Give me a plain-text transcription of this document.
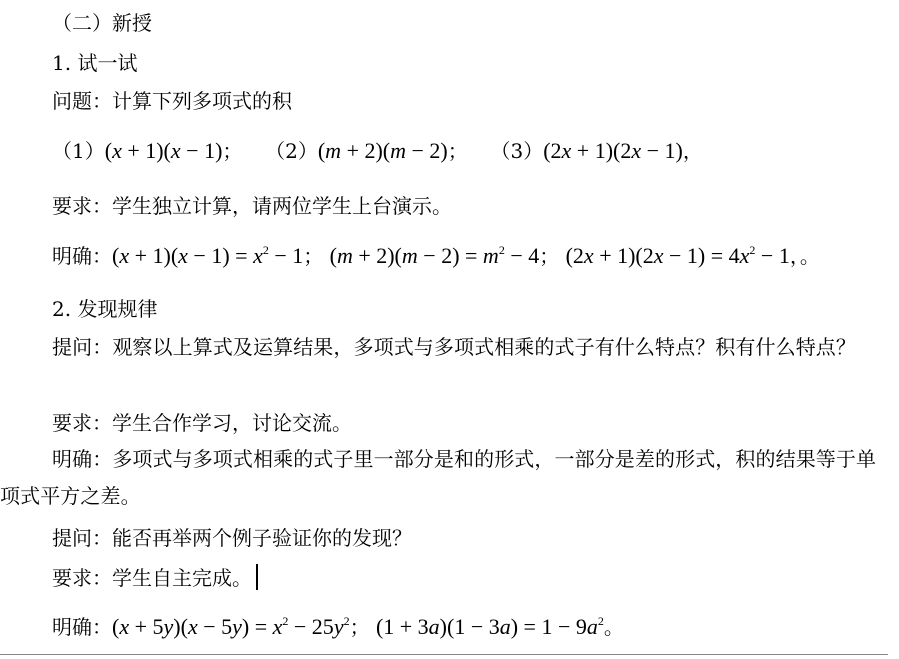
（二）新授
1. 试一试
问题：计算下列多项式的积
（1）(x + 1)(x − 1)； （2）(m + 2)(m − 2)； （3）(2x + 1)(2x − 1)，
要求：学生独立计算，请两位学生上台演示。
明确：$(x + 1)(x - 1) = x^2 - 1$； $(m + 2)(m - 2) = m^2 - 4$； $(2x + 1)(2x - 1) = 4x^2 - 1$，。
2. 发现规律
提问：观察以上算式及运算结果，多项式与多项式相乘的式子有什么特点？积有什么特点？
要求：学生合作学习，讨论交流。
明确：多项式与多项式相乘的式子里一部分是和的形式，一部分是差的形式，积的结果等于单项式平方之差。
提问：能否再举两个例子验证你的发现？
要求：学生自主完成。
明确：$(x + 5y)(x - 5y) = x^2 - 25y^2$； $(1 + 3a)(1 - 3a) = 1 - 9a^2$。
